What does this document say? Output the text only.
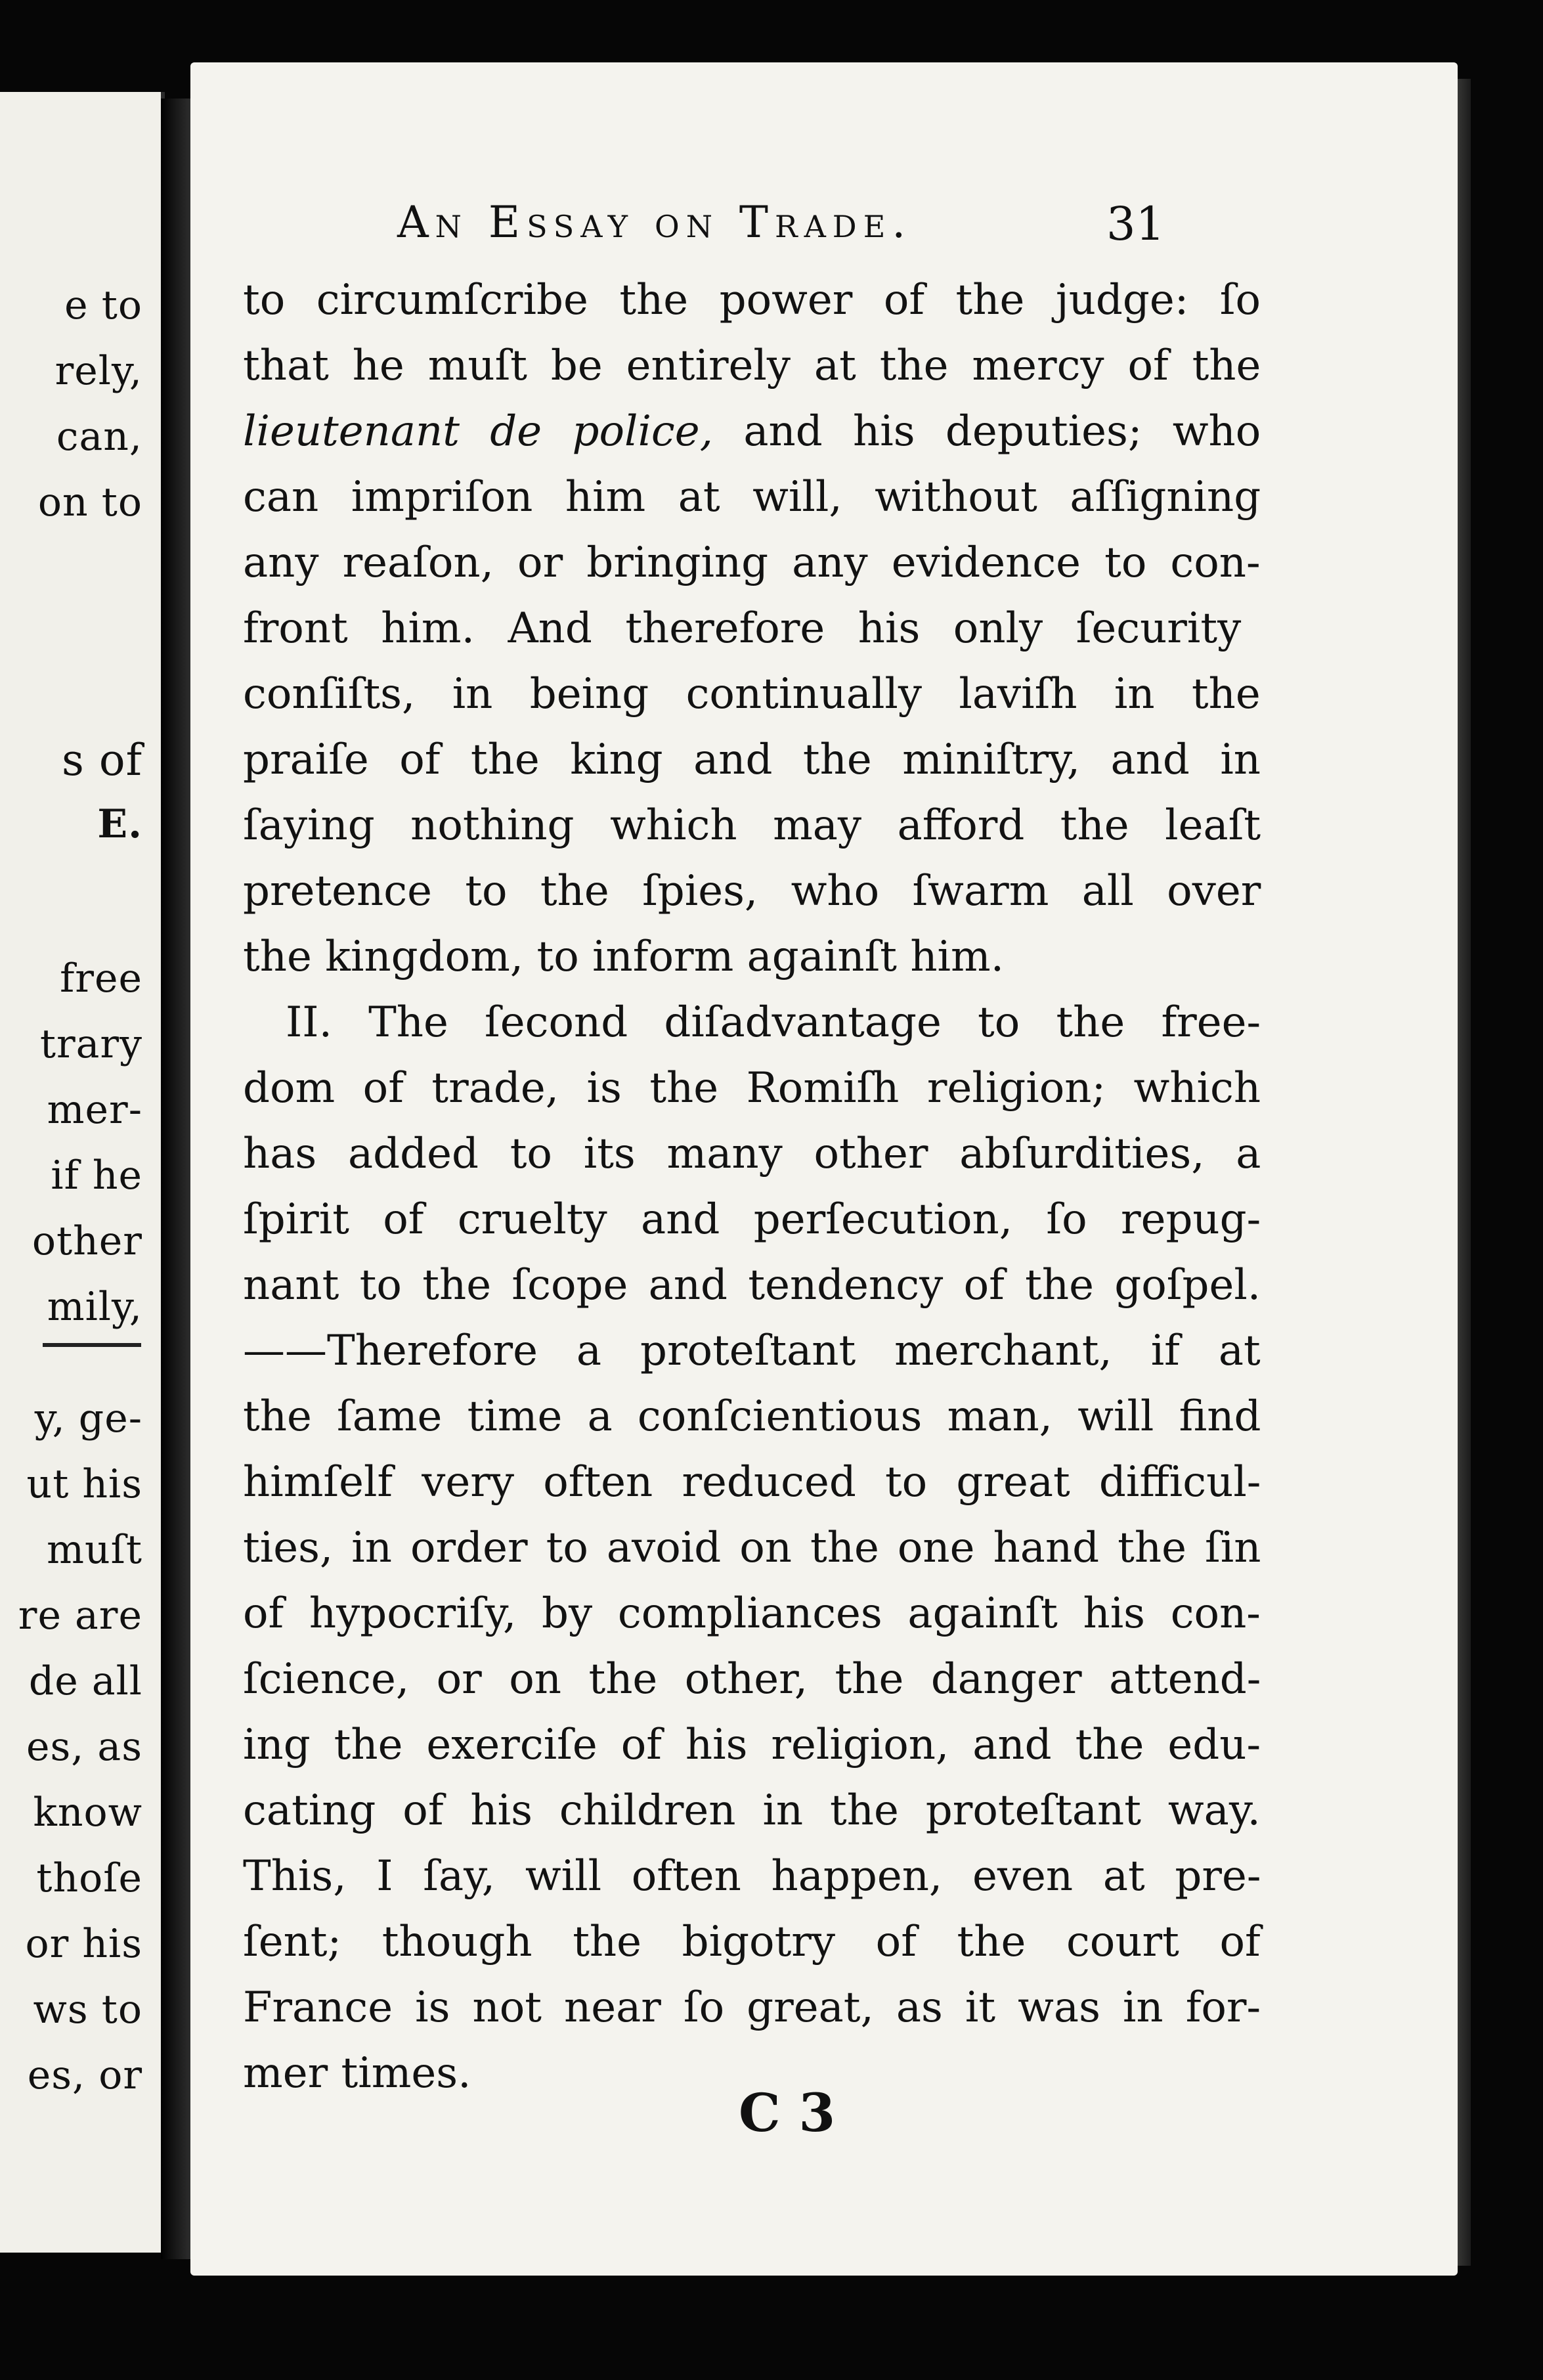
e to
rely,
can,
on to
s of
E.
free
trary
mer-
if he
other
mily,
y, ge-
ut his
muſt
re are
de all
es, as
know
thoſe
or his
ws to
es, or
An Essay on Trade.	31
to circumſcribe the power of the judge: ſo
that he muſt be entirely at the mercy of the
lieutenant de police, and his deputies; who
can impriſon him at will, without aſſigning
any reaſon, or bringing any evidence to con-
front him. And therefore his only ſecurity
conſiſts, in being continually laviſh in the
praiſe of the king and the miniſtry, and in
ſaying nothing which may afford the leaſt
pretence to the ſpies, who ſwarm all over
the kingdom, to inform againſt him.
II. The ſecond diſadvantage to the free-
dom of trade, is the Romiſh religion; which
has added to its many other abſurdities, a
ſpirit of cruelty and perſecution, ſo repug-
nant to the ſcope and tendency of the goſpel.
——Therefore a proteſtant merchant, if at
the ſame time a conſcientious man, will find
himſelf very often reduced to great difficul-
ties, in order to avoid on the one hand the ſin
of hypocriſy, by compliances againſt his con-
ſcience, or on the other, the danger attend-
ing the exerciſe of his religion, and the edu-
cating of his children in the proteſtant way.
This, I ſay, will often happen, even at pre-
ſent; though the bigotry of the court of
France is not near ſo great, as it was in for-
mer times.
C 3
